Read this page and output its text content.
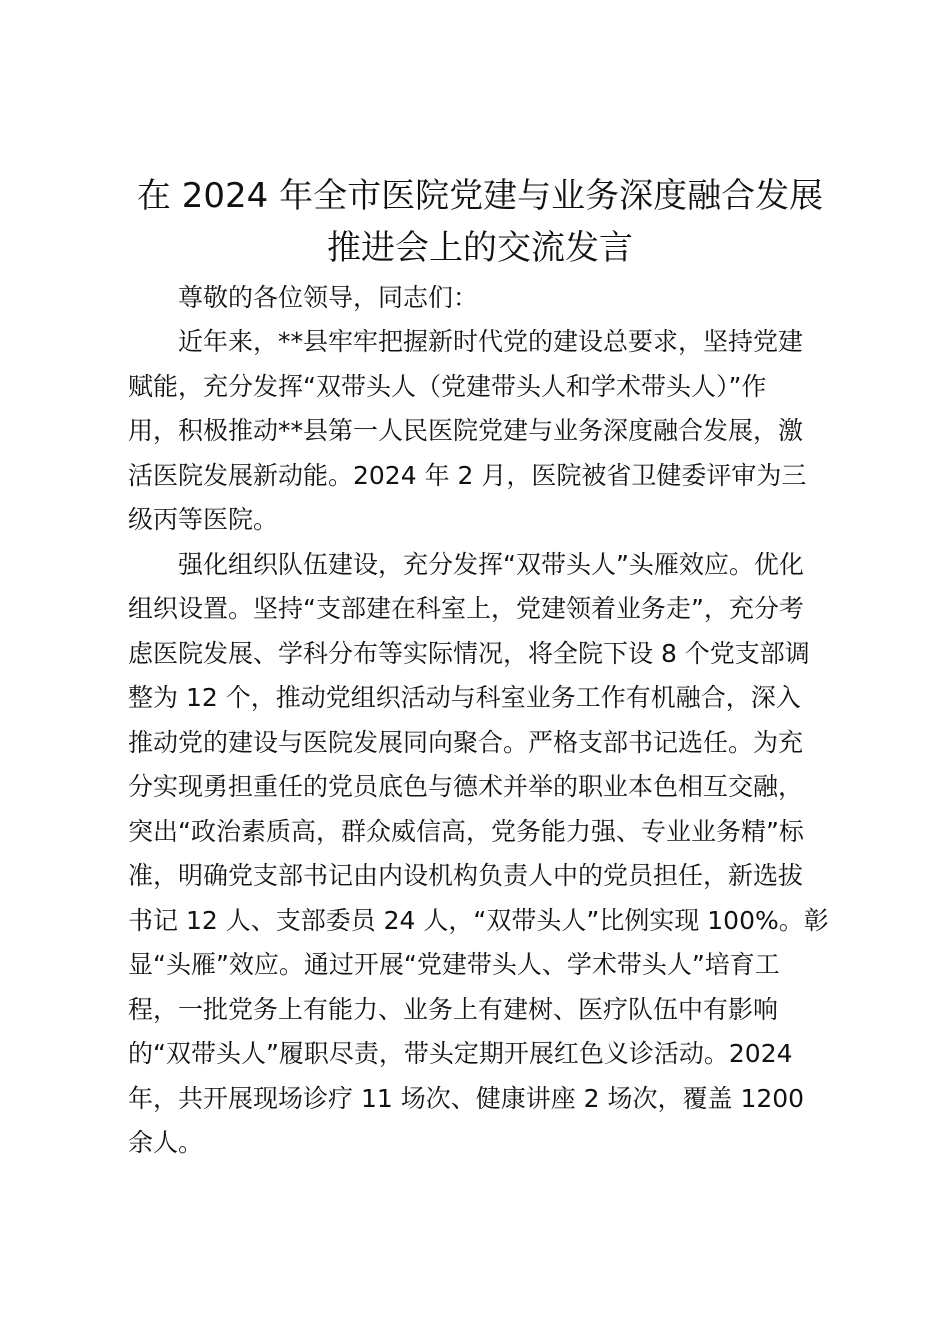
在 2024 年全市医院党建与业务深度融合发展
推进会上的交流发言

尊敬的各位领导，同志们：

近年来，**县牢牢把握新时代党的建设总要求，坚持党建

赋能，充分发挥“双带头人（党建带头人和学术带头人）”作

用，积极推动**县第一人民医院党建与业务深度融合发展，激

活医院发展新动能。2024 年 2 月，医院被省卫健委评审为三

级丙等医院。

强化组织队伍建设，充分发挥“双带头人”头雁效应。优化

组织设置。坚持“支部建在科室上，党建领着业务走”，充分考

虑医院发展、学科分布等实际情况，将全院下设 8 个党支部调

整为 12 个，推动党组织活动与科室业务工作有机融合，深入

推动党的建设与医院发展同向聚合。严格支部书记选任。为充

分实现勇担重任的党员底色与德术并举的职业本色相互交融，

突出“政治素质高，群众威信高，党务能力强、专业业务精”标

准，明确党支部书记由内设机构负责人中的党员担任，新选拔

书记 12 人、支部委员 24 人，“双带头人”比例实现 100%。彰

显“头雁”效应。通过开展“党建带头人、学术带头人”培育工

程，一批党务上有能力、业务上有建树、医疗队伍中有影响

的“双带头人”履职尽责，带头定期开展红色义诊活动。2024

年，共开展现场诊疗 11 场次、健康讲座 2 场次，覆盖 1200

余人。
